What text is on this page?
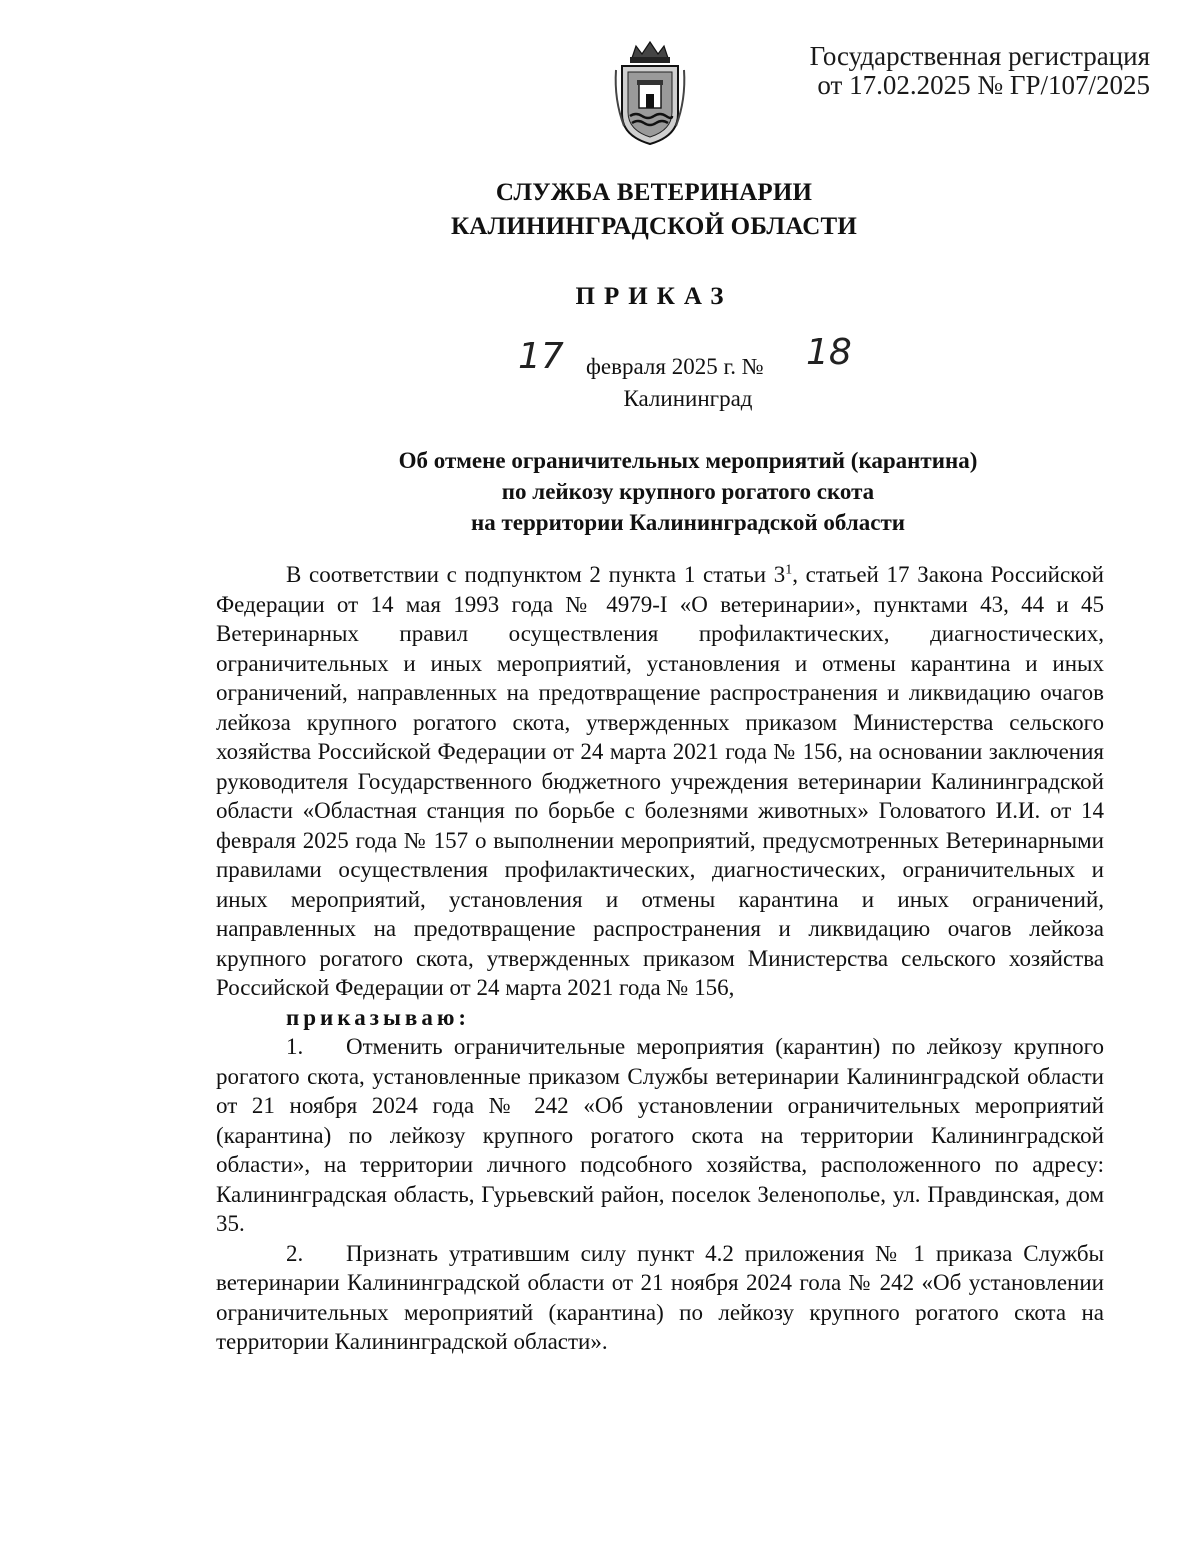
Государственная регистрация
от 17.02.2025 № ГР/107/2025
СЛУЖБА ВЕТЕРИНАРИИ
КАЛИНИНГРАДСКОЙ ОБЛАСТИ
ПРИКАЗ
17 февраля 2025 г. № 18
Калининград
Об отмене ограничительных мероприятий (карантина)
по лейкозу крупного рогатого скота
на территории Калининградской области

В соответствии с подпунктом 2 пункта 1 статьи $3^1$, статьей 17 Закона Российской Федерации от 14 мая 1993 года № 4979-I «О ветеринарии», пунктами 43, 44 и 45 Ветеринарных правил осуществления профилактических, диагностических, ограничительных и иных мероприятий, установления и отмены карантина и иных ограничений, направленных на предотвращение распространения и ликвидацию очагов лейкоза крупного рогатого скота, утвержденных приказом Министерства сельского хозяйства Российской Федерации от 24 марта 2021 года № 156, на основании заключения руководителя Государственного бюджетного учреждения ветеринарии Калининградской области «Областная станция по борьбе с болезнями животных» Головатого И.И. от 14 февраля 2025 года № 157 о выполнении мероприятий, предусмотренных Ветеринарными правилами осуществления профилактических, диагностических, ограничительных и иных мероприятий, установления и отмены карантина и иных ограничений, направленных на предотвращение распространения и ликвидацию очагов лейкоза крупного рогатого скота, утвержденных приказом Министерства сельского хозяйства Российской Федерации от 24 марта 2021 года № 156,

приказываю:

1. Отменить ограничительные мероприятия (карантин) по лейкозу крупного рогатого скота, установленные приказом Службы ветеринарии Калининградской области от 21 ноября 2024 года № 242 «Об установлении ограничительных мероприятий (карантина) по лейкозу крупного рогатого скота на территории Калининградской области», на территории личного подсобного хозяйства, расположенного по адресу: Калининградская область, Гурьевский район, поселок Зеленополье, ул. Правдинская, дом 35.

2. Признать утратившим силу пункт 4.2 приложения № 1 приказа Службы ветеринарии Калининградской области от 21 ноября 2024 гола № 242 «Об установлении ограничительных мероприятий (карантина) по лейкозу крупного рогатого скота на территории Калининградской области».
